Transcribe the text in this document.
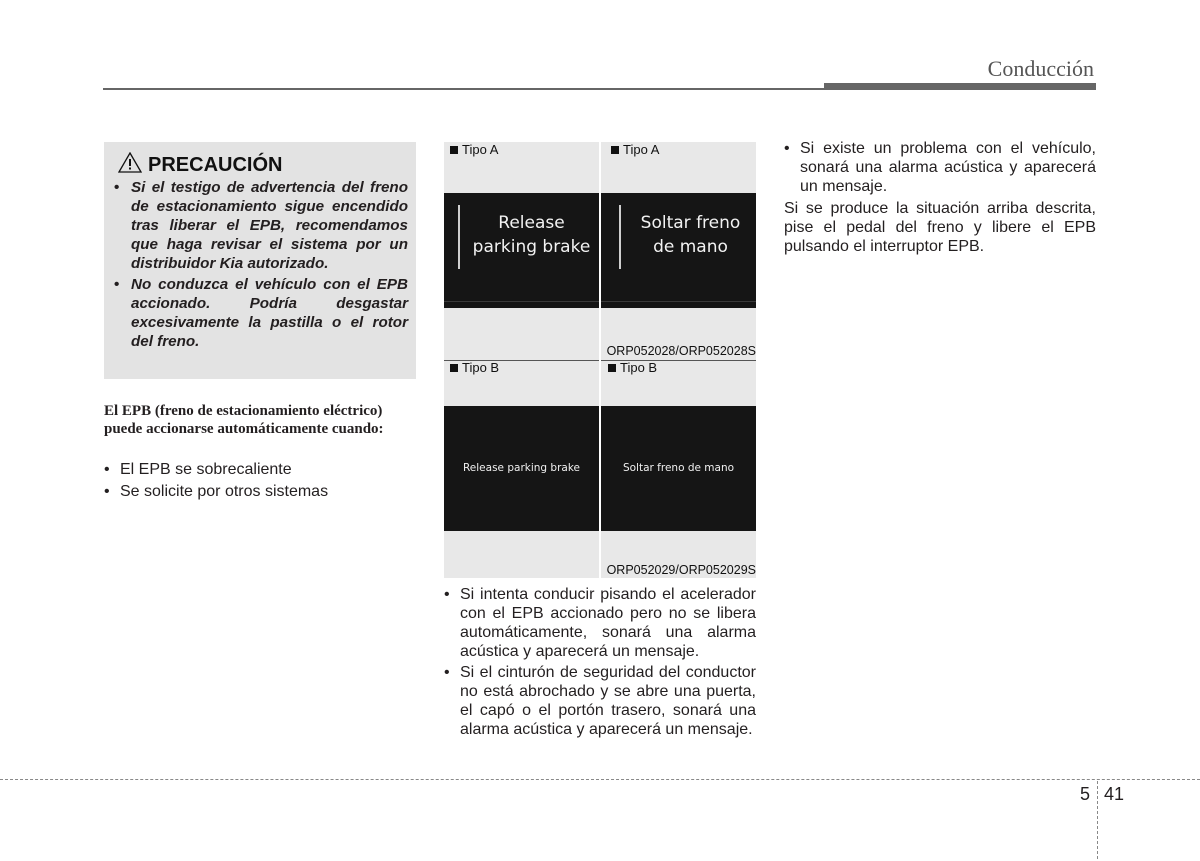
Conducción
PRECAUCIÓN
• Si el testigo de advertencia del freno de estacionamiento sigue encendido tras liberar el EPB, recomendamos que haga revisar el sistema por un distribuidor Kia autorizado.
• No conduzca el vehículo con el EPB accionado. Podría desgastar excesivamente la pastilla o el rotor del freno.
El EPB (freno de estacionamiento eléctrico) puede accionarse automáticamente cuando:
• El EPB se sobrecaliente
• Se solicite por otros sistemas
Tipo A	Tipo A
Release
parking brake
Soltar freno
de mano
ORP052028/ORP052028S
Tipo B	Tipo B
Release parking brake	Soltar freno de mano
ORP052029/ORP052029S
• Si intenta conducir pisando el acelerador con el EPB accionado pero no se libera automáticamente, sonará una alarma acústica y aparecerá un mensaje.
• Si el cinturón de seguridad del conductor no está abrochado y se abre una puerta, el capó o el portón trasero, sonará una alarma acústica y aparecerá un mensaje.
• Si existe un problema con el vehículo, sonará una alarma acústica y aparecerá un mensaje.
Si se produce la situación arriba descrita, pise el pedal del freno y libere el EPB pulsando el interruptor EPB.
5 41
